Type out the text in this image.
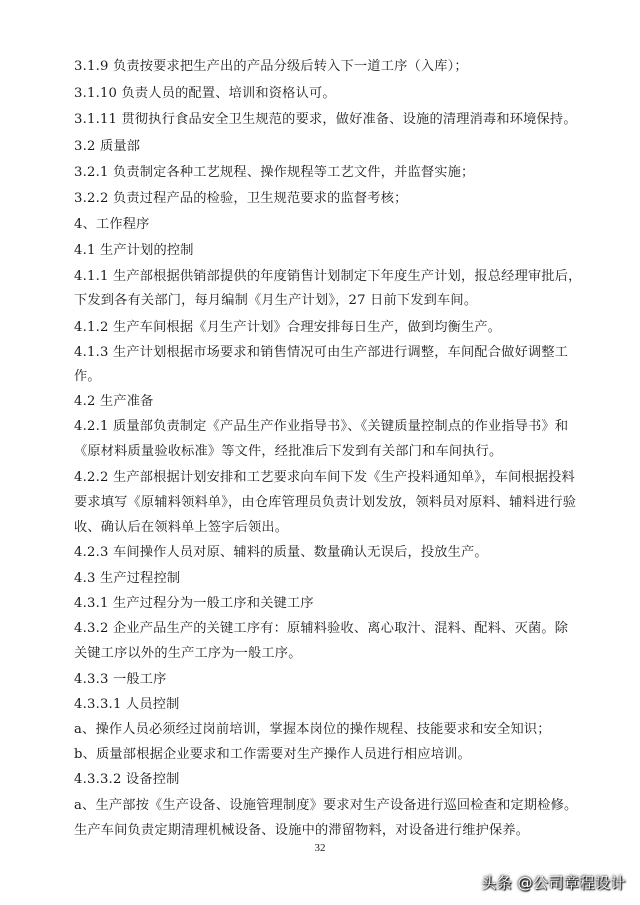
3.1.9 负责按要求把生产出的产品分级后转入下一道工序（入库）；
3.1.10 负责人员的配置、培训和资格认可。
3.1.11 贯彻执行食品安全卫生规范的要求，做好准备、设施的清理消毒和环境保持。
3.2 质量部
3.2.1 负责制定各种工艺规程、操作规程等工艺文件，并监督实施；
3.2.2 负责过程产品的检验，卫生规范要求的监督考核；
4、工作程序
4.1 生产计划的控制
4.1.1 生产部根据供销部提供的年度销售计划制定下年度生产计划，报总经理审批后，
下发到各有关部门，每月编制《月生产计划》，27 日前下发到车间。
4.1.2 生产车间根据《月生产计划》合理安排每日生产，做到均衡生产。
4.1.3 生产计划根据市场要求和销售情况可由生产部进行调整，车间配合做好调整工
作。
4.2 生产准备
4.2.1 质量部负责制定《产品生产作业指导书》、《关键质量控制点的作业指导书》和
《原材料质量验收标准》等文件，经批准后下发到有关部门和车间执行。
4.2.2 生产部根据计划安排和工艺要求向车间下发《生产投料通知单》，车间根据投料
要求填写《原辅料领料单》，由仓库管理员负责计划发放，领料员对原料、辅料进行验
收、确认后在领料单上签字后领出。
4.2.3 车间操作人员对原、辅料的质量、数量确认无误后，投放生产。
4.3 生产过程控制
4.3.1 生产过程分为一般工序和关键工序
4.3.2 企业产品生产的关键工序有：原辅料验收、离心取汁、混料、配料、灭菌。除
关键工序以外的生产工序为一般工序。
4.3.3 一般工序
4.3.3.1 人员控制
a、操作人员必须经过岗前培训，掌握本岗位的操作规程、技能要求和安全知识；
b、质量部根据企业要求和工作需要对生产操作人员进行相应培训。
4.3.3.2 设备控制
a、生产部按《生产设备、设施管理制度》要求对生产设备进行巡回检查和定期检修。
生产车间负责定期清理机械设备、设施中的滞留物料，对设备进行维护保养。
32
头条 @公司章程设计
